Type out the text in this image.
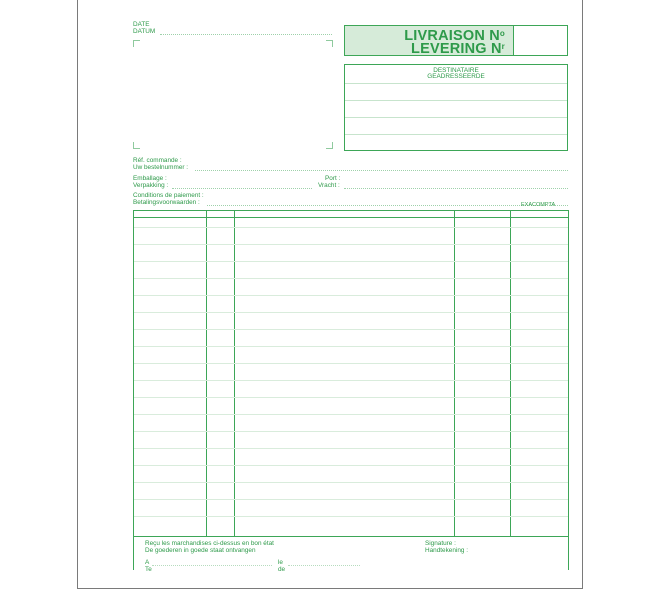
DATE
DATUM	LIVRAISON $N^o$
LEVERING $N^r$
DESTINATAIRE
GEADRESSEERDE
Réf. commande :
Uw bestelnummer :
Emballage :
Verpakking :
Port :
Vracht :
Conditions de paiement :
Betalingsvoorwaarden :	EXACOMPTA
Reçu les marchandises ci-dessus en bon état
De goederen in goede staat ontvangen
Signature :
Handtekening :
A
Te
le
de
